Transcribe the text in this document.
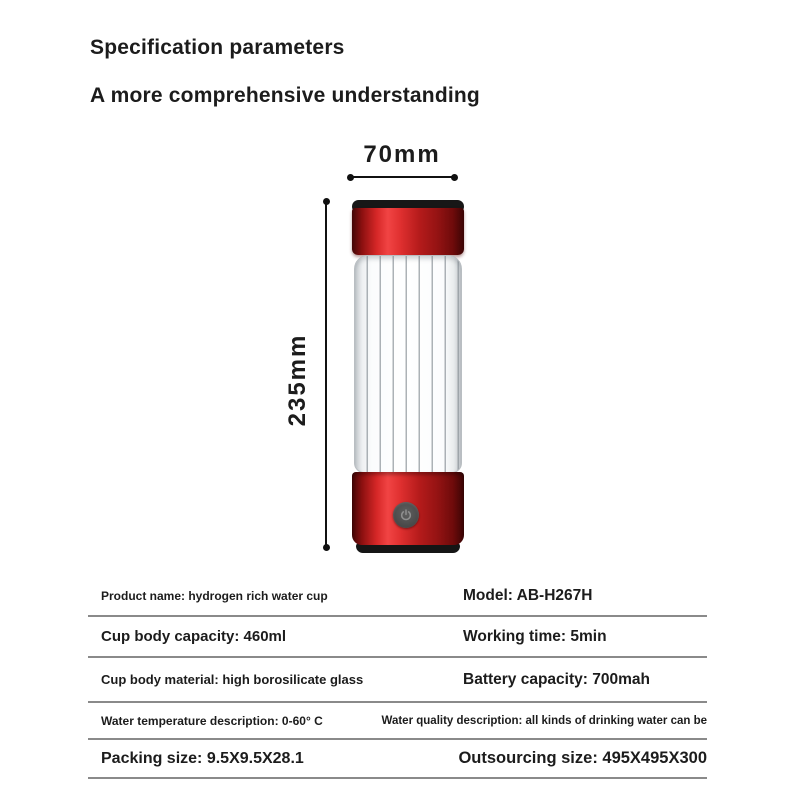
Specification parameters
A more comprehensive understanding
70mm
235mm
Product name: hydrogen rich water cup	Model: AB-H267H
Cup body capacity: 460ml	Working time: 5min
Cup body material: high borosilicate glass	Battery capacity: 700mah
Water temperature description: 0-60° C	Water quality description: all kinds of drinking water can be
Packing size: 9.5X9.5X28.1	Outsourcing size: 495X495X300
